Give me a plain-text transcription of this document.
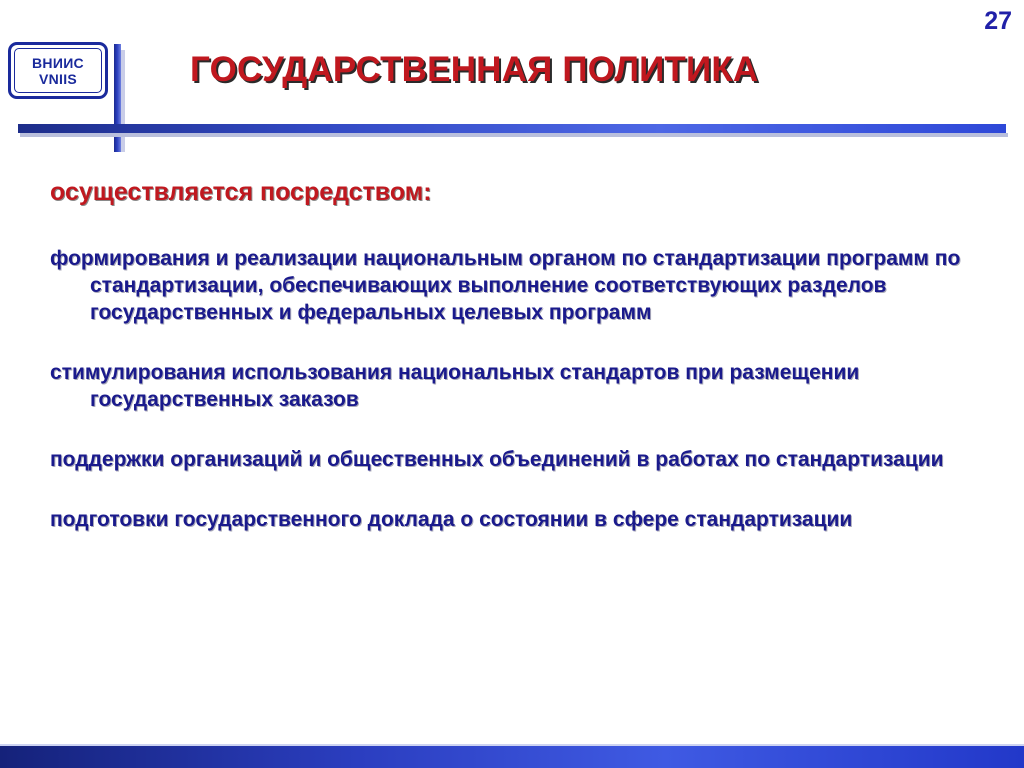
27
ВНИИС
VNIIS	ГОСУДАРСТВЕННАЯ ПОЛИТИКА

осуществляется посредством:

формирования и реализации национальным органом по стандартизации программ по стандартизации, обеспечивающих выполнение соответствующих разделов государственных и федеральных целевых программ
стимулирования использования национальных стандартов при размещении государственных заказов
поддержки организаций и общественных объединений в работах по стандартизации
подготовки государственного доклада о состоянии в сфере стандартизации
